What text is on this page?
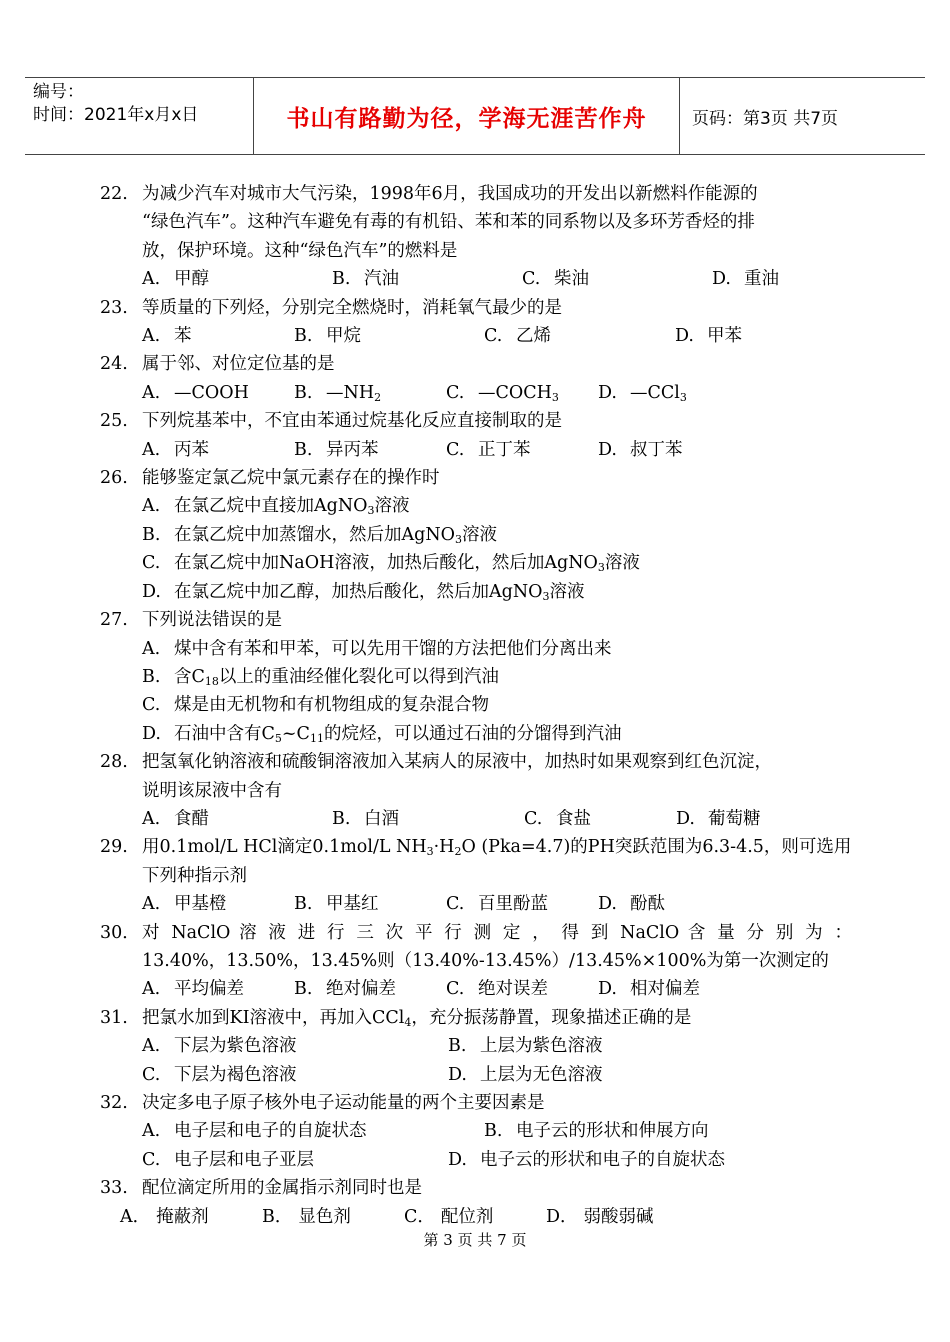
编号：
时间：2021年x月x日	书山有路勤为径，学海无涯苦作舟	页码：第3页 共7页
22. 为减少汽车对城市大气污染，1998年6月，我国成功的开发出以新燃料作能源的
“绿色汽车”。这种汽车避免有毒的有机铅、苯和苯的同系物以及多环芳香烃的排
放，保护环境。这种“绿色汽车”的燃料是
A. 甲醇	B. 汽油	C. 柴油	D. 重油
23. 等质量的下列烃，分别完全燃烧时，消耗氧气最少的是
A. 苯	B. 甲烷	C. 乙烯	D. 甲苯
24. 属于邻、对位定位基的是
A. —COOH	B. $—NH_2$	C. $—COCH_3$	D. —CCl$_3$
25. 下列烷基苯中，不宜由苯通过烷基化反应直接制取的是
A. 丙苯	B. 异丙苯	C. 正丁苯	D. 叔丁苯
26. 能够鉴定氯乙烷中氯元素存在的操作时
A. 在氯乙烷中直接加AgNO$_3$溶液
B. 在氯乙烷中加蒸馏水，然后加AgNO$_3$溶液
C. 在氯乙烷中加NaOH溶液，加热后酸化，然后加AgNO$_3$溶液
D. 在氯乙烷中加乙醇，加热后酸化，然后加AgNO$_3$溶液
27. 下列说法错误的是
A. 煤中含有苯和甲苯，可以先用干馏的方法把他们分离出来
B. 含$C_{18}$以上的重油经催化裂化可以得到汽油
C. 煤是由无机物和有机物组成的复杂混合物
D. 石油中含有$C_5\sim C_{11}$的烷烃，可以通过石油的分馏得到汽油
28. 把氢氧化钠溶液和硫酸铜溶液加入某病人的尿液中，加热时如果观察到红色沉淀，
说明该尿液中含有
A. 食醋	B. 白酒	C. 食盐	D. 葡萄糖
29. 用0.1mol/L HCl滴定0.1mol/L $NH_3\cdot H_2O$ (Pka=4.7)的PH突跃范围为6.3-4.5，则可选用
下列种指示剂
A. 甲基橙	B. 甲基红	C. 百里酚蓝	D. 酚酞
30． 对 NaClO 溶 液 进 行 三 次 平 行 测 定 ， 得 到 NaClO 含 量 分 别 为 ：
13.40%，13.50%，13.45%则（13.40%-13.45%）/13.45%×100%为第一次测定的
A. 平均偏差	B. 绝对偏差	C. 绝对误差	D. 相对偏差
31. 把氯水加到KI溶液中，再加入CCl$_4$，充分振荡静置，现象描述正确的是
A. 下层为紫色溶液	B. 上层为紫色溶液
C. 下层为褐色溶液	D. 上层为无色溶液
32. 决定多电子原子核外电子运动能量的两个主要因素是
A. 电子层和电子的自旋状态	B. 电子云的形状和伸展方向
C. 电子层和电子亚层	D. 电子云的形状和电子的自旋状态
33. 配位滴定所用的金属指示剂同时也是
A． 掩蔽剂	B． 显色剂	C． 配位剂	D． 弱酸弱碱
第 3 页 共 7 页
